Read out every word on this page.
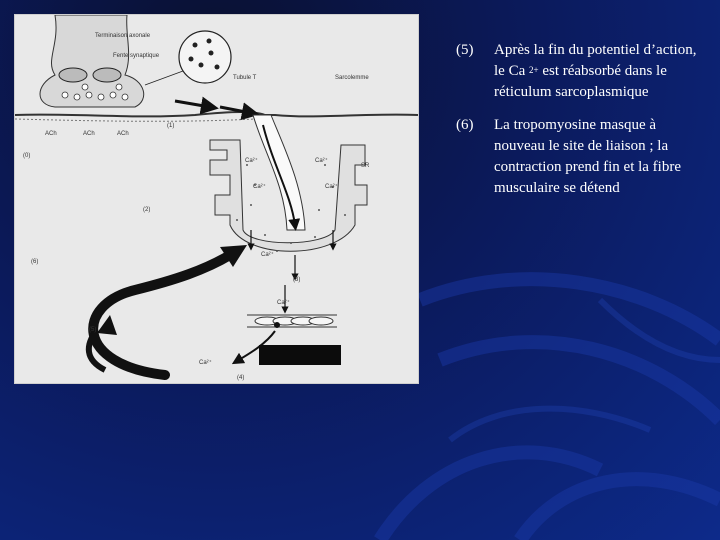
Terminaison axonale
Fente synaptique
Tubule T	Sarcolemme
ACh	ACh	ACh
SR
Ca²⁺	Ca²⁺
Ca²⁺	Ca²⁺
Ca²⁺
Ca²⁺
Ca²⁺
(1)
(2)
(3)
(4)
(5)
(6)
(0)
(5)	Après la fin du potentiel d’action, le Ca $^{2+}$ est réabsorbé dans le réticulum sarcoplasmique
(6)	La tropomyosine masque à nouveau le site de liaison ; la contraction prend fin et la fibre musculaire se détend
